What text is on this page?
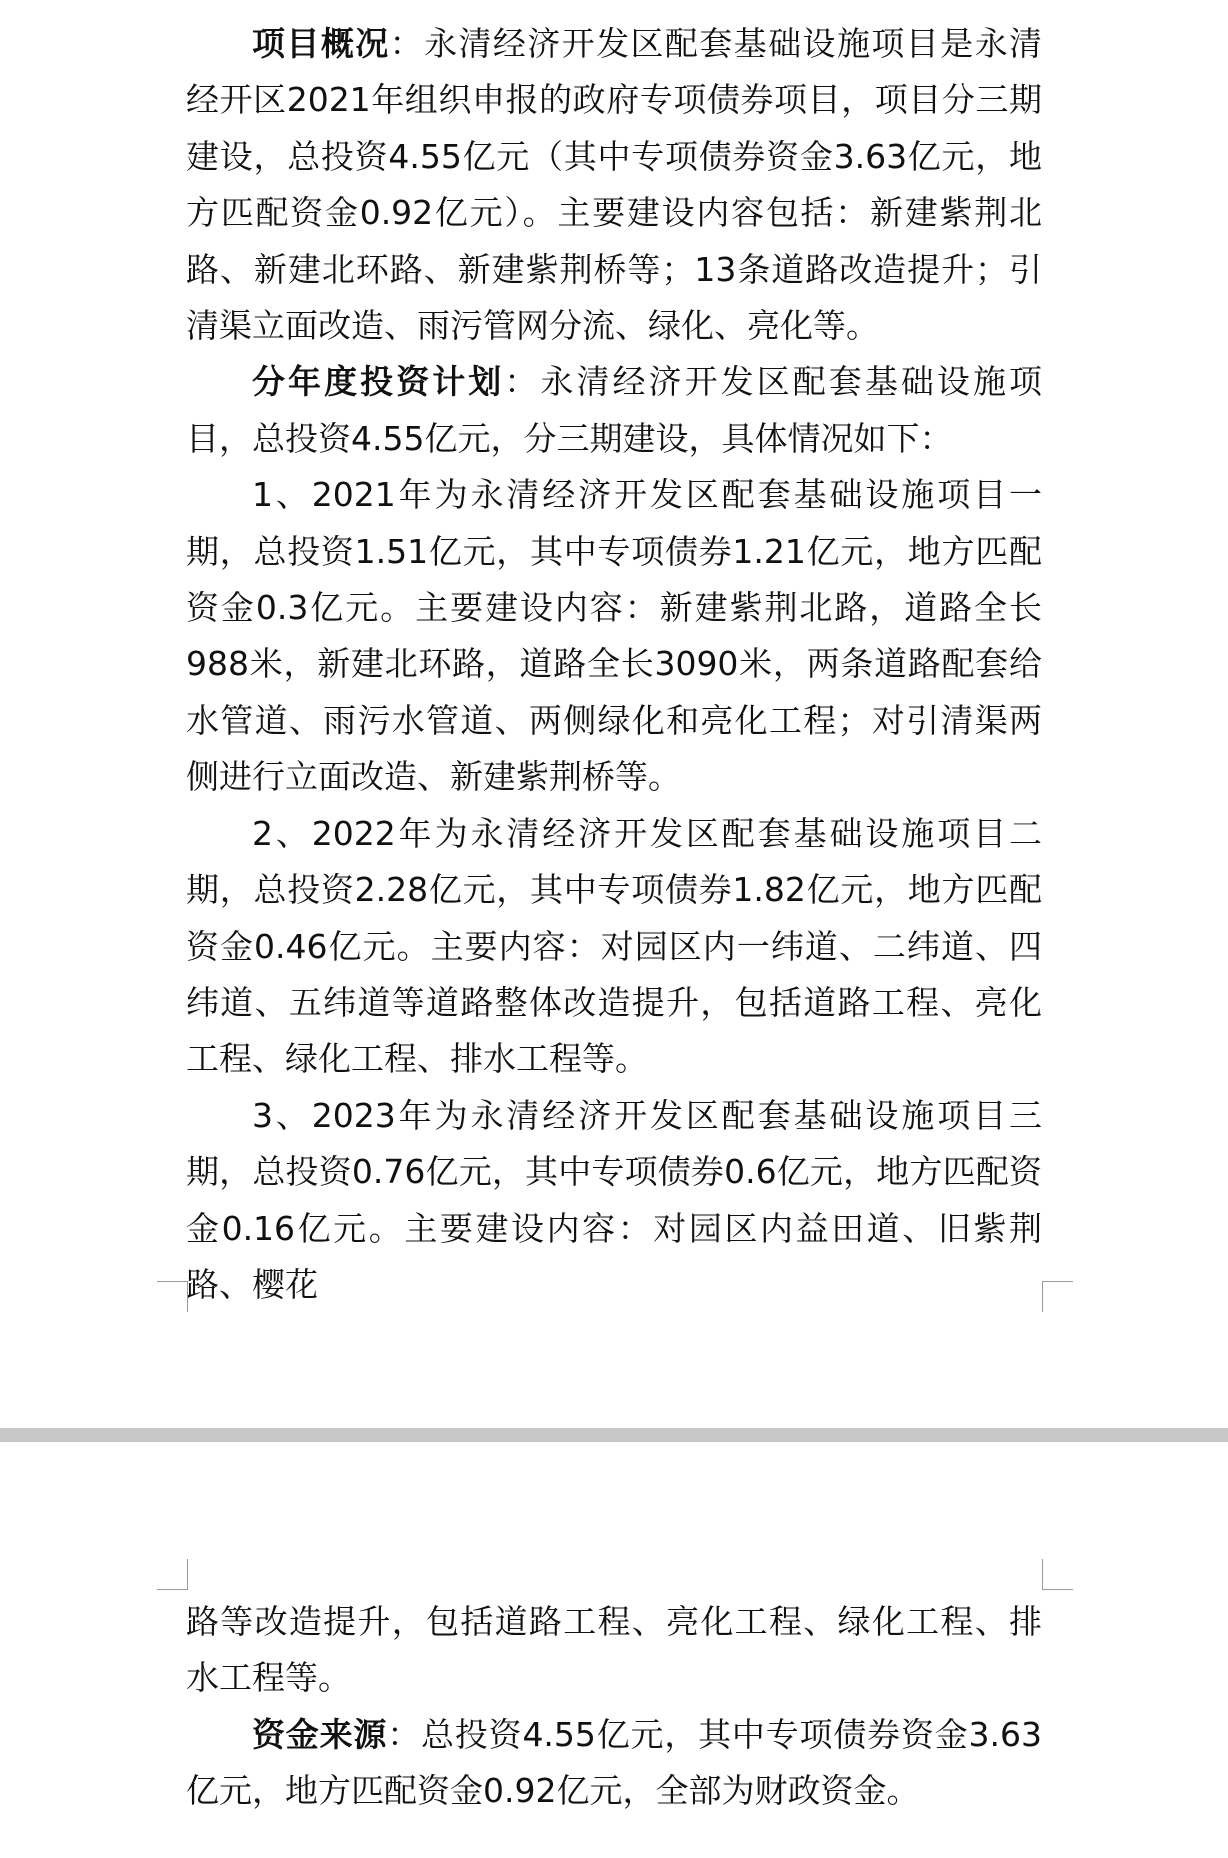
项目概况：永清经济开发区配套基础设施项目是永清经开区2021年组织申报的政府专项债券项目，项目分三期建设，总投资4.55亿元（其中专项债券资金3.63亿元，地方匹配资金0.92亿元）。主要建设内容包括：新建紫荆北路、新建北环路、新建紫荆桥等；13条道路改造提升；引清渠立面改造、雨污管网分流、绿化、亮化等。

分年度投资计划：永清经济开发区配套基础设施项目，总投资4.55亿元，分三期建设，具体情况如下：

1、2021年为永清经济开发区配套基础设施项目一期，总投资1.51亿元，其中专项债券1.21亿元，地方匹配资金0.3亿元。主要建设内容：新建紫荆北路，道路全长988米，新建北环路，道路全长3090米，两条道路配套给水管道、雨污水管道、两侧绿化和亮化工程；对引清渠两侧进行立面改造、新建紫荆桥等。

2、2022年为永清经济开发区配套基础设施项目二期，总投资2.28亿元，其中专项债券1.82亿元，地方匹配资金0.46亿元。主要内容：对园区内一纬道、二纬道、四纬道、五纬道等道路整体改造提升，包括道路工程、亮化工程、绿化工程、排水工程等。

3、2023年为永清经济开发区配套基础设施项目三期，总投资0.76亿元，其中专项债券0.6亿元，地方匹配资金0.16亿元。主要建设内容：对园区内益田道、旧紫荆路、樱花

路等改造提升，包括道路工程、亮化工程、绿化工程、排水工程等。

资金来源：总投资4.55亿元，其中专项债券资金3.63亿元，地方匹配资金0.92亿元，全部为财政资金。
